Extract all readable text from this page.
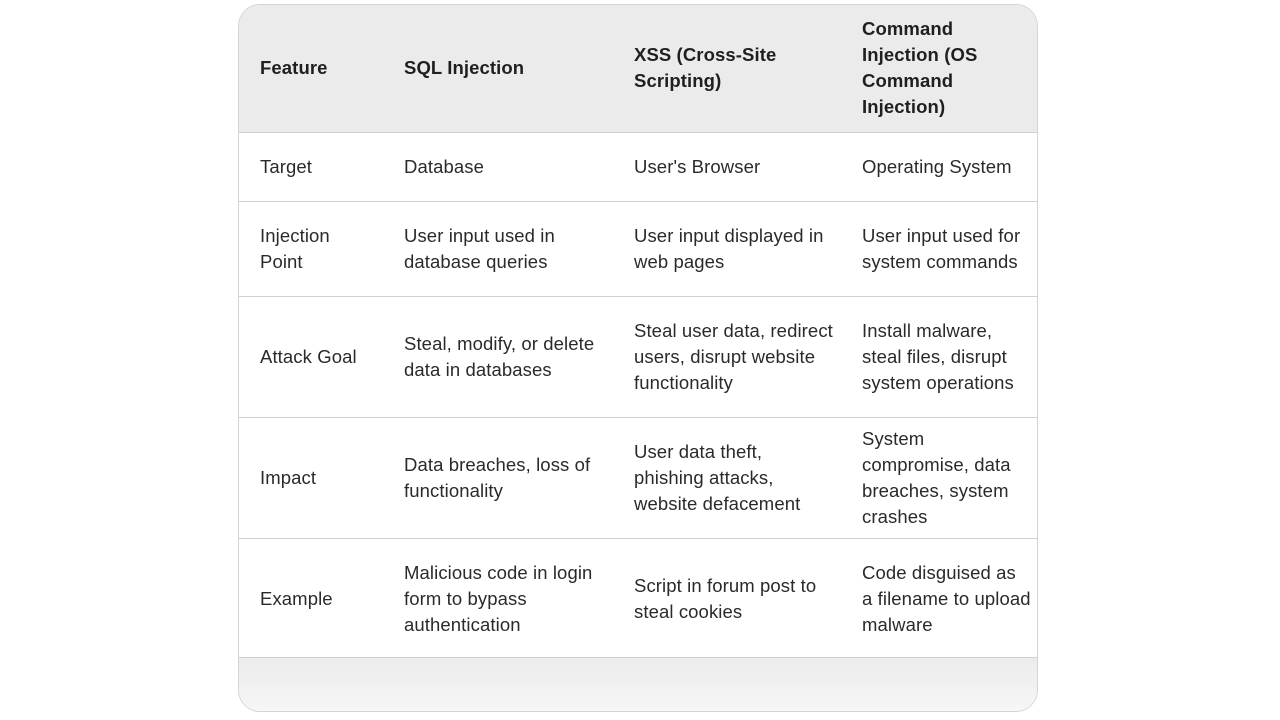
Feature	SQL Injection	XSS (Cross-Site Scripting)	Command Injection (OS Command Injection)
Target	Database	User's Browser	Operating System
Injection Point	User input used in database queries	User input displayed in web pages	User input used for system commands
Attack Goal	Steal, modify, or delete data in databases	Steal user data, redirect users, disrupt website functionality	Install malware, steal files, disrupt system operations
Impact	Data breaches, loss of functionality	User data theft, phishing attacks, website defacement	System compromise, data breaches, system crashes
Example	Malicious code in login form to bypass authentication	Script in forum post to steal cookies	Code disguised as a filename to upload malware
